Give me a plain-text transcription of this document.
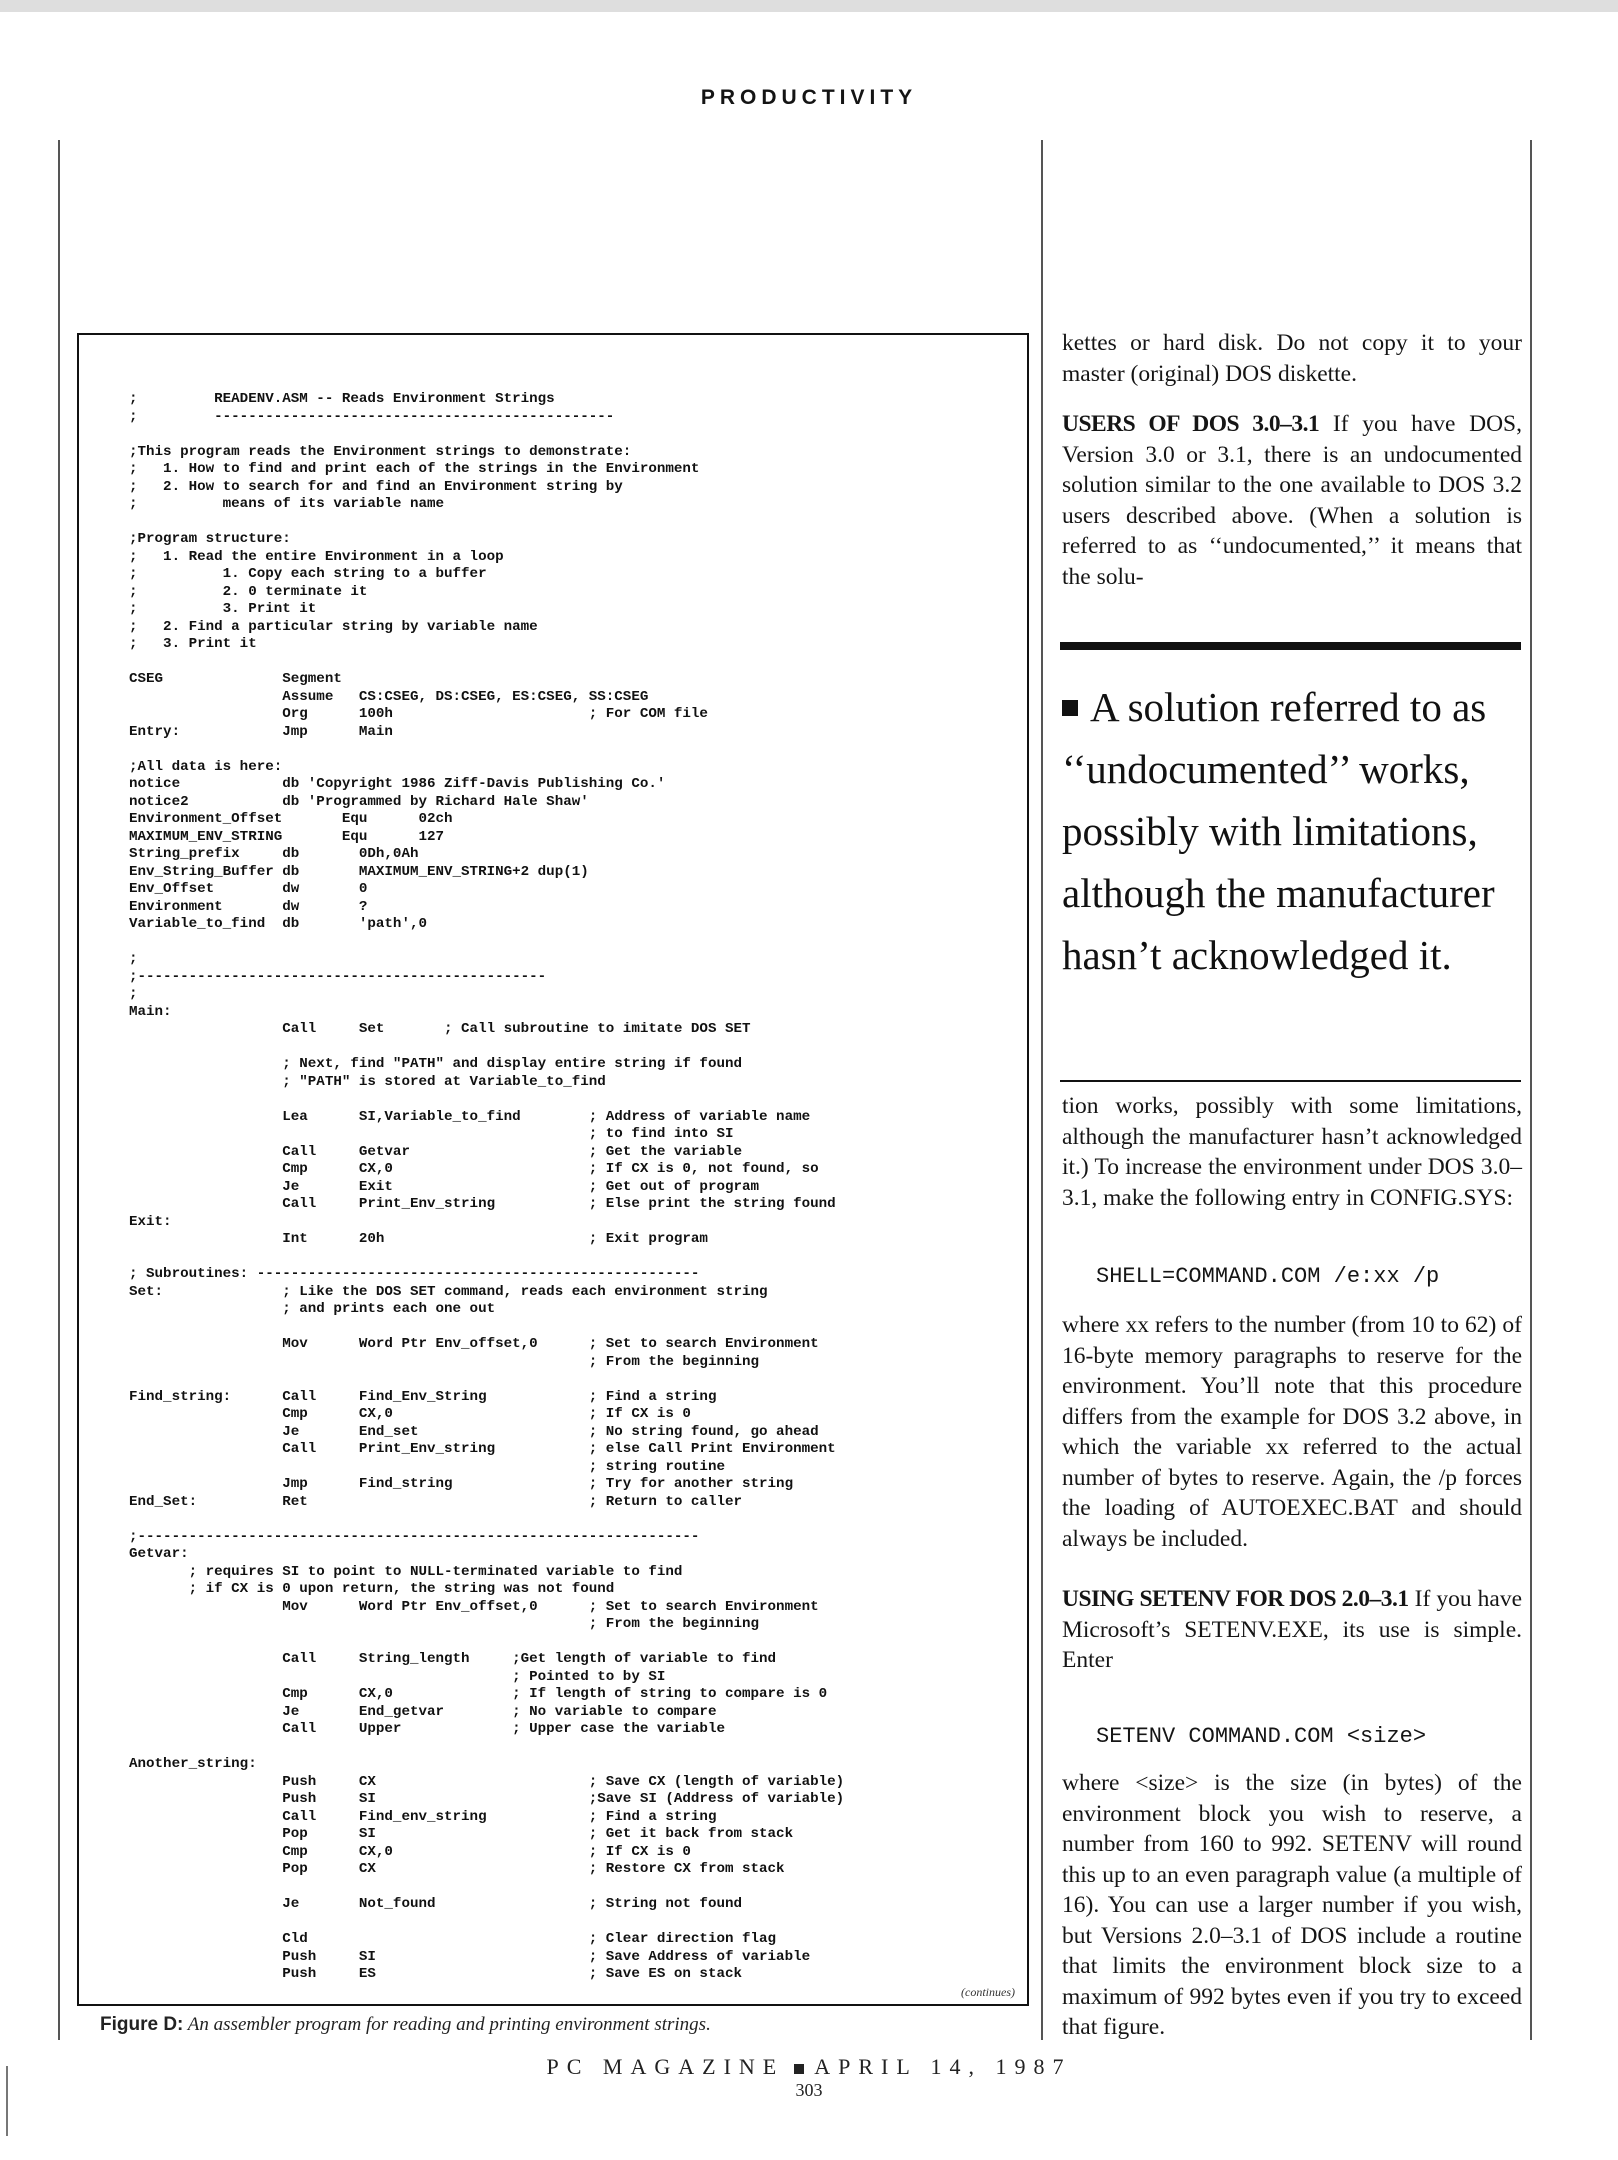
PRODUCTIVITY
;         READENV.ASM -- Reads Environment Strings
;         -----------------------------------------------

;This program reads the Environment strings to demonstrate:
;   1. How to find and print each of the strings in the Environment
;   2. How to search for and find an Environment string by
;          means of its variable name

;Program structure:
;   1. Read the entire Environment in a loop
;          1. Copy each string to a buffer
;          2. 0 terminate it
;          3. Print it
;   2. Find a particular string by variable name
;   3. Print it

CSEG              Segment
Assume   CS:CSEG, DS:CSEG, ES:CSEG, SS:CSEG
Org      100h                       ; For COM file
Entry:            Jmp      Main

;All data is here:
notice            db 'Copyright 1986 Ziff-Davis Publishing Co.'
notice2           db 'Programmed by Richard Hale Shaw'
Environment_Offset       Equ      02ch
MAXIMUM_ENV_STRING       Equ      127
String_prefix     db       0Dh,0Ah
Env_String_Buffer db       MAXIMUM_ENV_STRING+2 dup(1)
Env_Offset        dw       0
Environment       dw       ?
Variable_to_find  db       'path',0

;
;------------------------------------------------
;
Main:
Call     Set       ; Call subroutine to imitate DOS SET

; Next, find "PATH" and display entire string if found
; "PATH" is stored at Variable_to_find

Lea      SI,Variable_to_find        ; Address of variable name
; to find into SI
Call     Getvar                     ; Get the variable
Cmp      CX,0                       ; If CX is 0, not found, so
Je       Exit                       ; Get out of program
Call     Print_Env_string           ; Else print the string found
Exit:
Int      20h                        ; Exit program

; Subroutines: ----------------------------------------------------
Set:              ; Like the DOS SET command, reads each environment string
; and prints each one out

Mov      Word Ptr Env_offset,0      ; Set to search Environment
; From the beginning

Find_string:      Call     Find_Env_String            ; Find a string
Cmp      CX,0                       ; If CX is 0
Je       End_set                    ; No string found, go ahead
Call     Print_Env_string           ; else Call Print Environment
; string routine
Jmp      Find_string                ; Try for another string
End_Set:          Ret                                 ; Return to caller

;------------------------------------------------------------------
Getvar:
; requires SI to point to NULL-terminated variable to find
; if CX is 0 upon return, the string was not found
Mov      Word Ptr Env_offset,0      ; Set to search Environment
; From the beginning

Call     String_length     ;Get length of variable to find
; Pointed to by SI
Cmp      CX,0              ; If length of string to compare is 0
Je       End_getvar        ; No variable to compare
Call     Upper             ; Upper case the variable

Another_string:
Push     CX                         ; Save CX (length of variable)
Push     SI                         ;Save SI (Address of variable)
Call     Find_env_string            ; Find a string
Pop      SI                         ; Get it back from stack
Cmp      CX,0                       ; If CX is 0
Pop      CX                         ; Restore CX from stack

Je       Not_found                  ; String not found

Cld                                 ; Clear direction flag
Push     SI                         ; Save Address of variable
Push     ES                         ; Save ES on stack
(continues)
Figure D: An assembler program for reading and printing environment strings.

kettes or hard disk. Do not copy it to your master (original) DOS diskette.

USERS OF DOS 3.0–3.1 If you have DOS, Version 3.0 or 3.1, there is an undocumented solution similar to the one available to DOS 3.2 users described above. (When a solution is referred to as ‘‘undocumented,’’ it means that the solu-

A solution referred to as ‘‘undocumented’’ works, possibly with limitations, although the manufacturer hasn’t acknowledged it.

tion works, possibly with some limitations, although the manufacturer hasn’t acknowledged it.) To increase the environment under DOS 3.0–3.1, make the following entry in CONFIG.SYS:

SHELL=COMMAND.COM /e:xx /p

where xx refers to the number (from 10 to 62) of 16-byte memory paragraphs to reserve for the environment. You’ll note that this procedure differs from the example for DOS 3.2 above, in which the variable xx referred to the actual number of bytes to reserve. Again, the /p forces the loading of AUTOEXEC.BAT and should always be included.

USING SETENV FOR DOS 2.0–3.1 If you have Microsoft’s SETENV.EXE, its use is simple. Enter

SETENV COMMAND.COM <size>

where <size> is the size (in bytes) of the environment block you wish to reserve, a number from 160 to 992. SETENV will round this up to an even paragraph value (a multiple of 16). You can use a larger number if you wish, but Versions 2.0–3.1 of DOS include a routine that limits the environment block size to a maximum of 992 bytes even if you try to exceed that figure.

PC MAGAZINE APRIL 14, 1987
303
